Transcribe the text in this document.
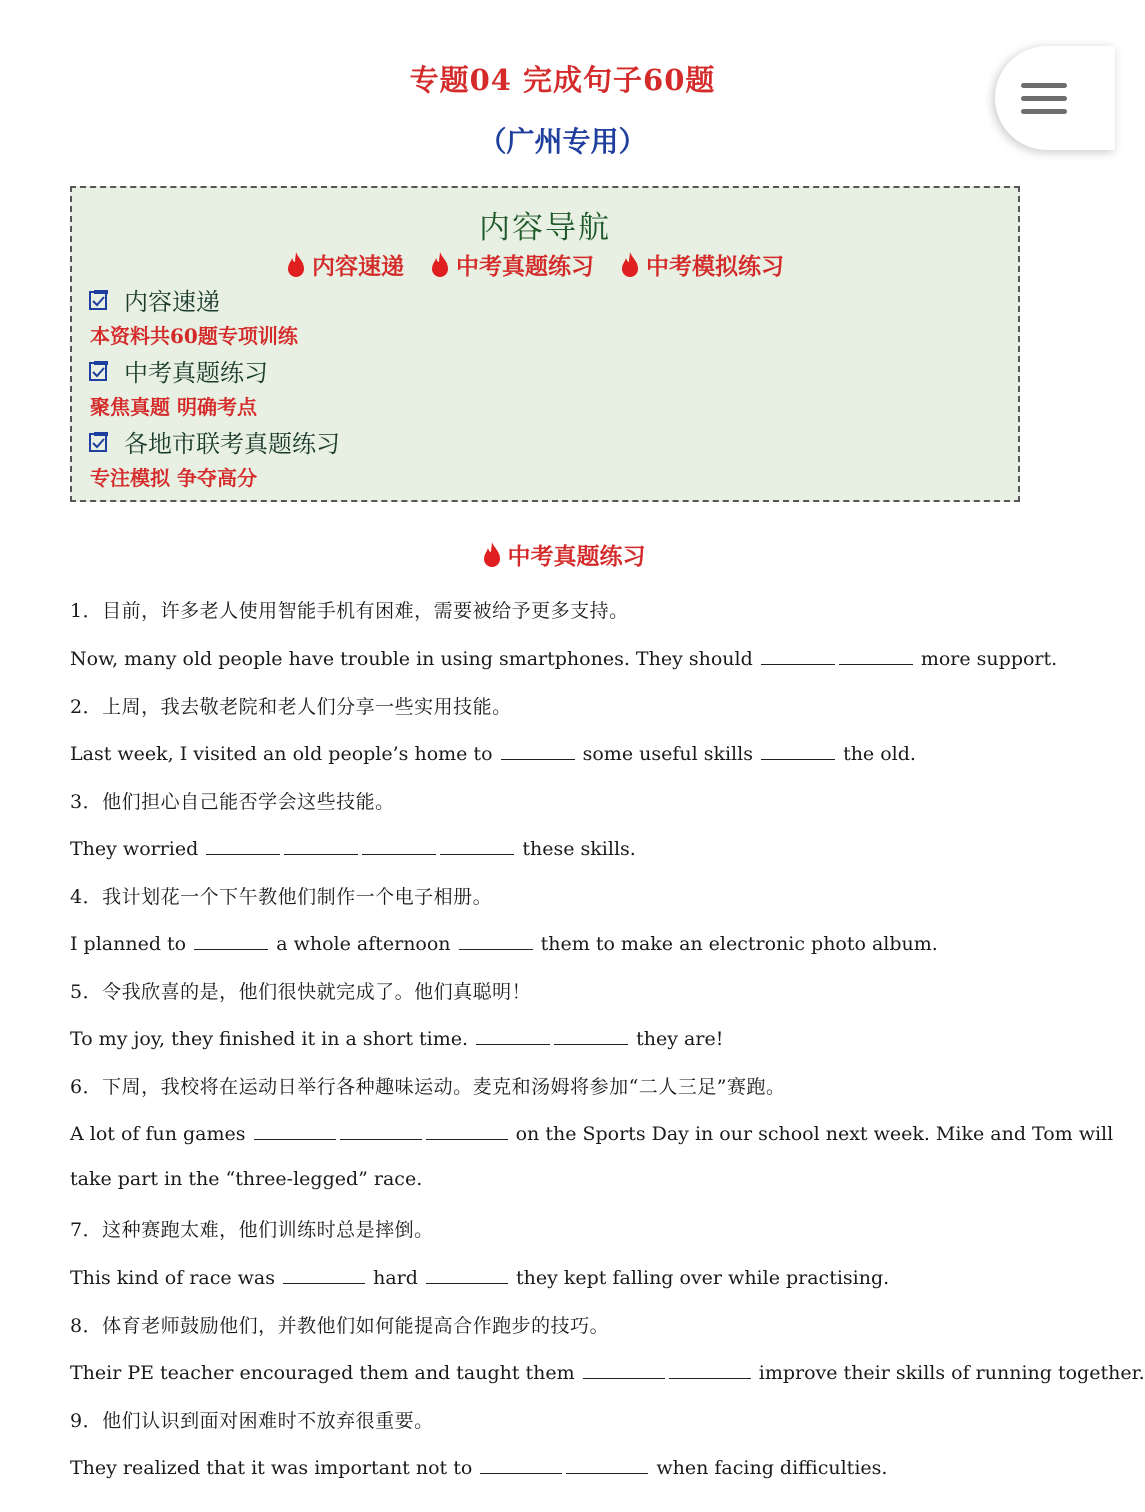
专题04 完成句子60题
（广州专用）
内容导航
内容速递 中考真题练习 中考模拟练习
内容速递
本资料共60题专项训练
中考真题练习
聚焦真题 明确考点
各地市联考真题练习
专注模拟 争夺高分
中考真题练习
1．目前，许多老人使用智能手机有困难，需要被给予更多支持。
Now, many old people have trouble in using smartphones. They should	more support.
2．上周，我去敬老院和老人们分享一些实用技能。
Last week, I visited an old people’s home to	some useful skills	the old.
3．他们担心自己能否学会这些技能。
They worried	these skills.
4．我计划花一个下午教他们制作一个电子相册。
I planned to	a whole afternoon	them to make an electronic photo album.
5．令我欣喜的是，他们很快就完成了。他们真聪明！
To my joy, they finished it in a short time.	they are!
6．下周，我校将在运动日举行各种趣味运动。麦克和汤姆将参加“二人三足”赛跑。
A lot of fun games	on the Sports Day in our school next week. Mike and Tom will
take part in the “three-legged” race.
7．这种赛跑太难，他们训练时总是摔倒。
This kind of race was	hard	they kept falling over while practising.
8．体育老师鼓励他们，并教他们如何能提高合作跑步的技巧。
Their PE teacher encouraged them and taught them	improve their skills of running together.
9．他们认识到面对困难时不放弃很重要。
They realized that it was important not to	when facing difficulties.
